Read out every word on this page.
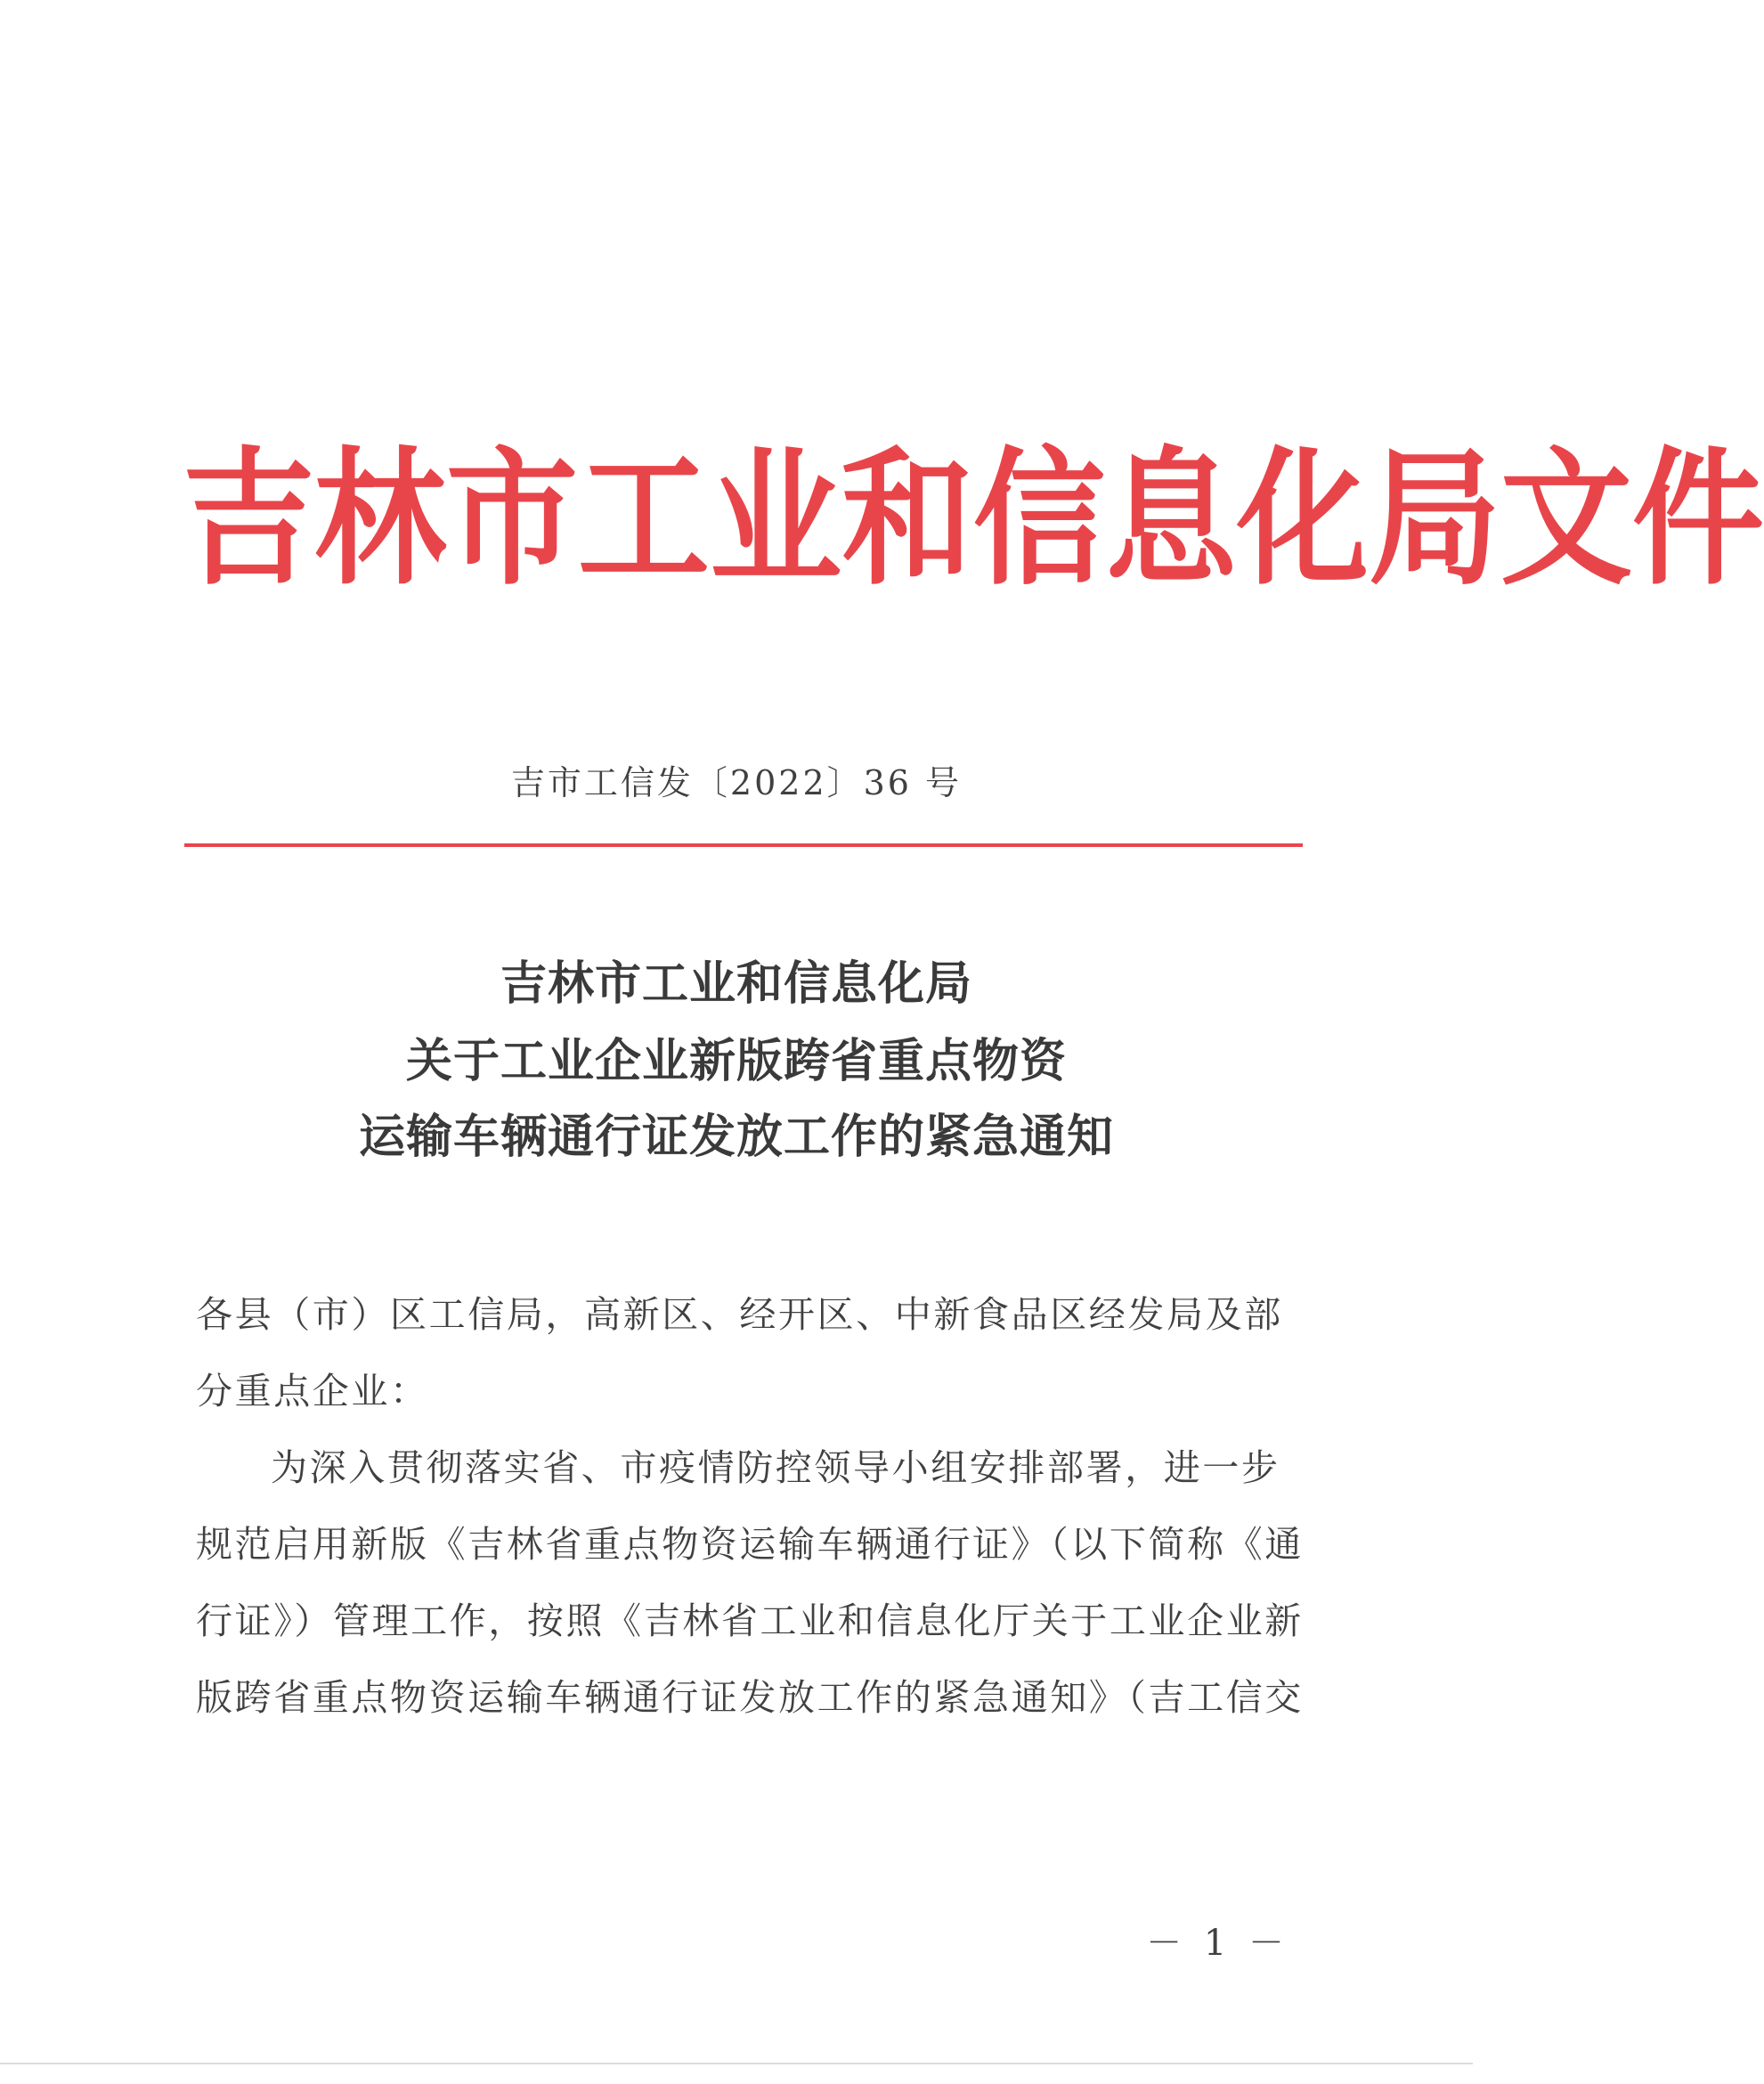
吉 林 市 工 业 和 信 息 化 局 文 件
吉市工信发〔2022〕36 号
吉林市工业和信息化局
关于工业企业新版跨省重点物资
运输车辆通行证发放工作的紧急通知
各县（市）区工信局，高新区、经开区、中新食品区经发局及部
分重点企业：
为深入贯彻落实省、市疫情防控领导小组安排部署，进一步
规范启用新版《吉林省重点物资运输车辆通行证》（以下简称《通
行证》）管理工作，按照《吉林省工业和信息化厅关于工业企业新
版跨省重点物资运输车辆通行证发放工作的紧急通知》（吉工信交
－ 1 －
